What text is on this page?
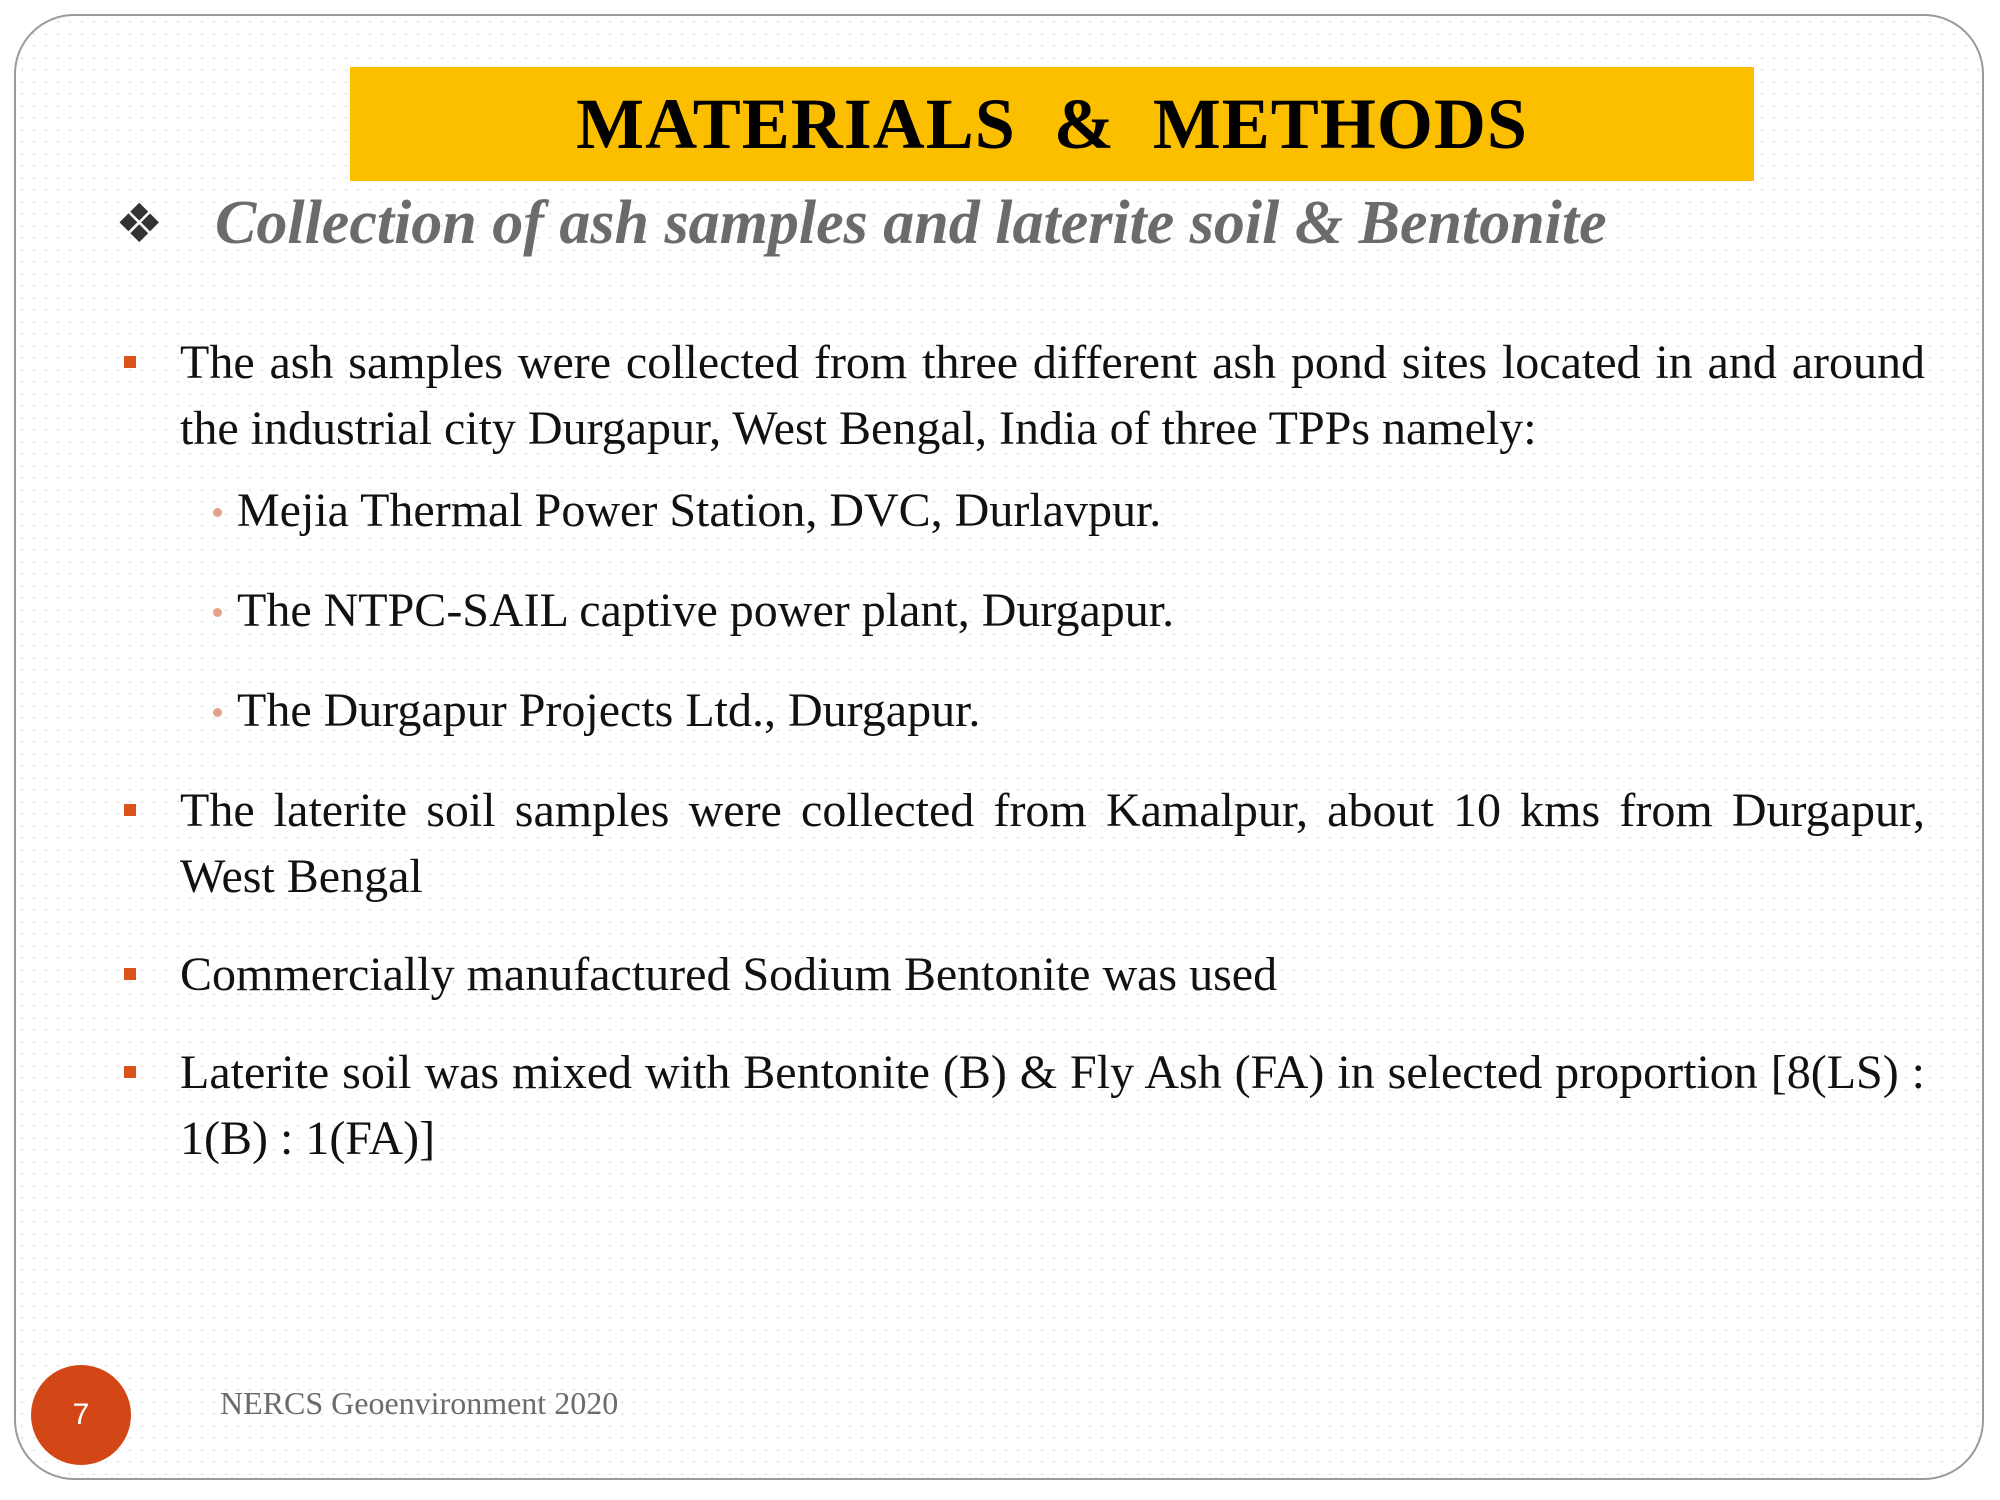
MATERIALS  &  METHODS
❖ Collection of ash samples and laterite soil & Bentonite
The ash samples were collected from three different ash pond sites located in and around the industrial city Durgapur, West Bengal, India of three TPPs namely:
Mejia Thermal Power Station, DVC, Durlavpur.
The NTPC-SAIL captive power plant, Durgapur.
The Durgapur Projects Ltd., Durgapur.
The laterite soil samples were collected from Kamalpur, about 10 kms from Durgapur, West Bengal
Commercially manufactured Sodium Bentonite was used
Laterite soil was mixed with Bentonite (B) & Fly Ash (FA) in selected proportion [8(LS) : 1(B) : 1(FA)]
7	NERCS Geoenvironment 2020
